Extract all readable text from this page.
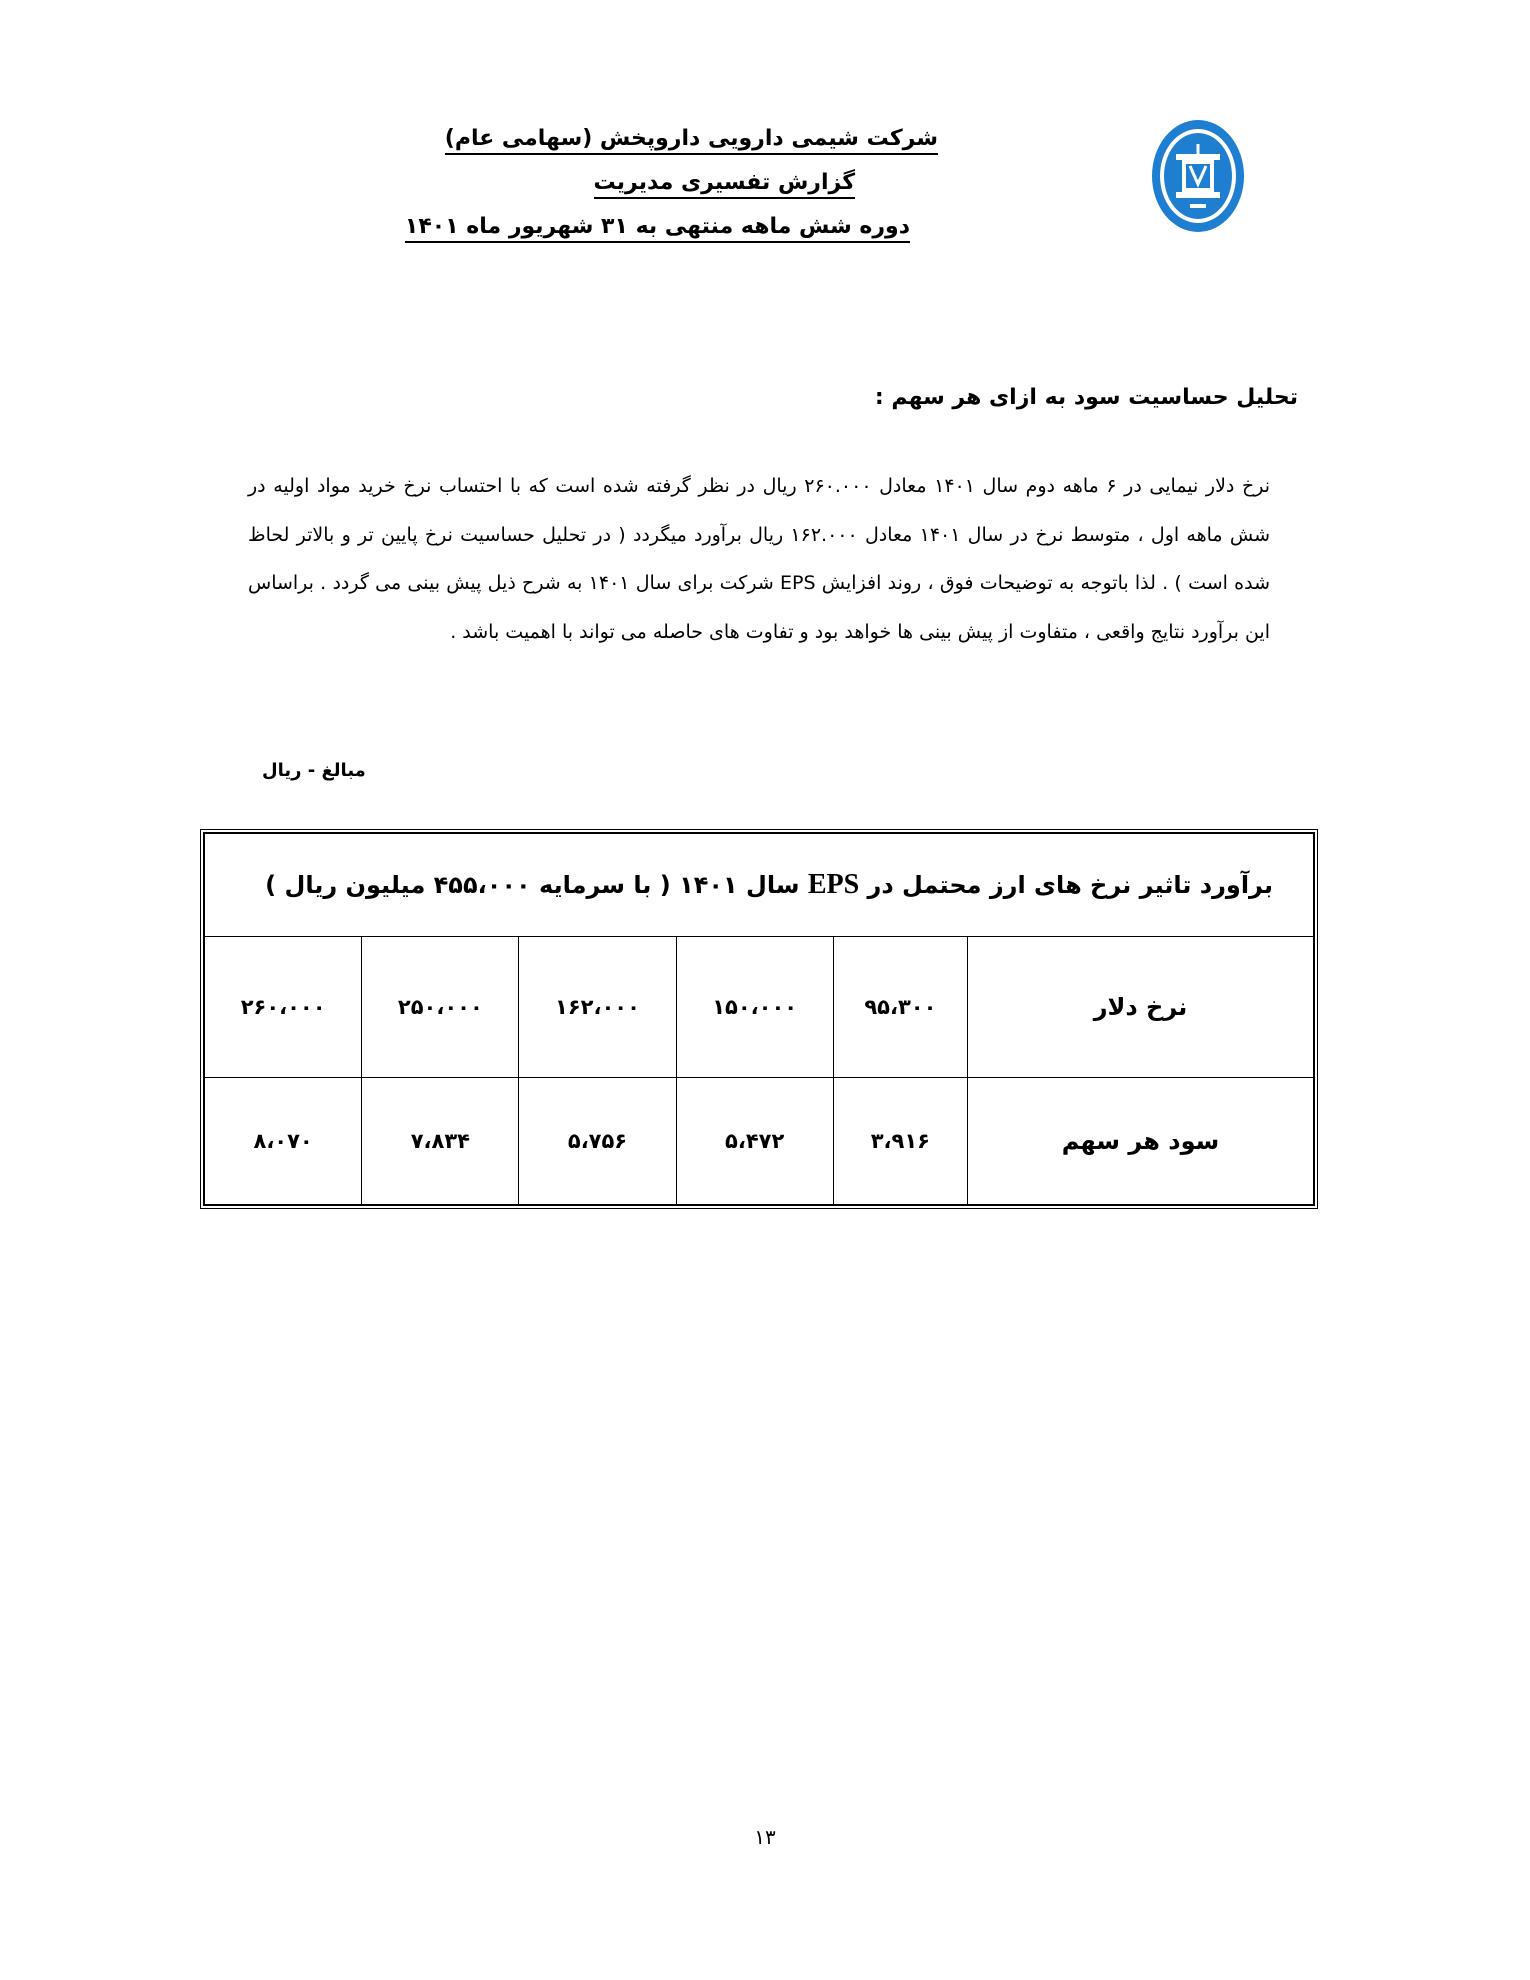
شرکت شیمی دارویی داروپخش (سهامی عام)
گزارش تفسیری مدیریت
دوره شش ماهه منتهی به ۳۱ شهریور ماه ۱۴۰۱
تحلیل حساسیت سود به ازای هر سهم :
نرخ دلار نیمایی در ۶ ماهه دوم سال ۱۴۰۱ معادل ۲۶۰.۰۰۰ ریال در نظر گرفته شده است که با احتساب نرخ خرید مواد اولیه در شش ماهه اول ، متوسط نرخ در سال ۱۴۰۱ معادل ۱۶۲.۰۰۰ ریال برآورد میگردد ( در تحلیل حساسیت نرخ پایین تر و بالاتر لحاظ شده است ) . لذا باتوجه به توضیحات فوق ، روند افزایش EPS شرکت برای سال ۱۴۰۱ به شرح ذیل پیش بینی می گردد . براساس این برآورد نتایج واقعی ، متفاوت از پیش بینی ها خواهد بود و تفاوت های حاصله می تواند با اهمیت باشد .
مبالغ - ریال
برآورد تاثیر نرخ های ارز محتمل در EPS سال ۱۴۰۱ ( با سرمایه ۴۵۵،۰۰۰ میلیون ریال )					
نرخ دلار	۹۵،۳۰۰	۱۵۰،۰۰۰	۱۶۲،۰۰۰	۲۵۰،۰۰۰	۲۶۰،۰۰۰
سود هر سهم	۳،۹۱۶	۵،۴۷۲	۵،۷۵۶	۷،۸۳۴	۸،۰۷۰
۱۳
